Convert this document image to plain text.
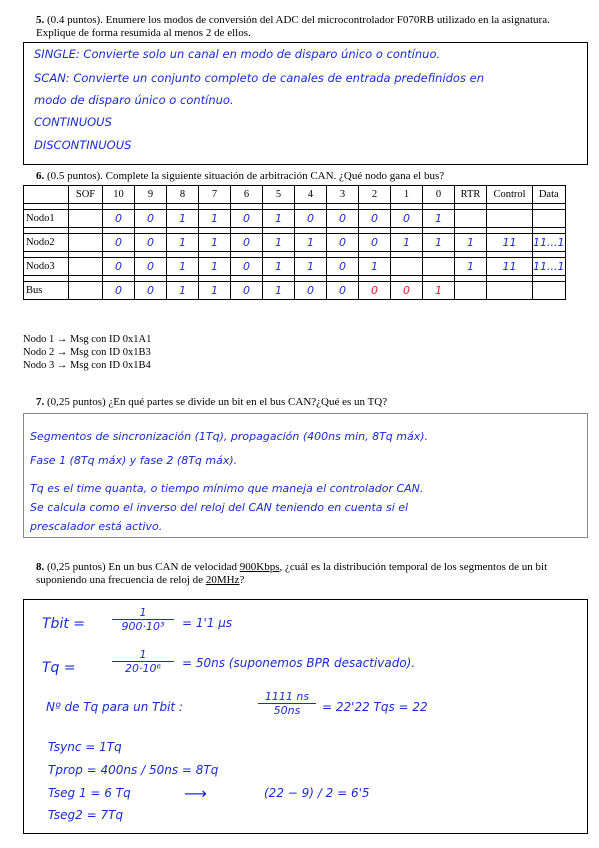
5. (0.4 puntos). Enumere los modos de conversión del ADC del microcontrolador F070RB utilizado en la asignatura. Explique de forma resumida al menos 2 de ellos.
SINGLE: Convierte solo un canal en modo de disparo único o contínuo.
SCAN: Convierte un conjunto completo de canales de entrada predefinidos en
modo de disparo único o contínuo.
CONTINUOUS
DISCONTINUOUS
6. (0.5 puntos). Complete la siguiente situación de arbitración CAN. ¿Qué nodo gana el bus?
	SOF	10	9	8	7	6	5	4	3	2	1	0	RTR	Control	Data

Nodo1		0	0	1	1	0	1	0	0	0	0	1			

Nodo2		0	0	1	1	0	1	1	0	0	1	1	1	11	11...1

Nodo3		0	0	1	1	0	1	1	0	1			1	11	11...1

Bus		0	0	1	1	0	1	0	0	0	0	1			
Nodo 1 → Msg con ID 0x1A1
Nodo 2 → Msg con ID 0x1B3
Nodo 3 → Msg con ID 0x1B4
7. (0,25 puntos) ¿En qué partes se divide un bit en el bus CAN?¿Qué es un TQ?
Segmentos de sincronización (1Tq), propagación (400ns min, 8Tq máx).
Fase 1 (8Tq máx) y fase 2 (8Tq máx).
Tq es el time quanta, o tiempo mínimo que maneja el controlador CAN.
Se calcula como el inverso del reloj del CAN teniendo en cuenta si el
prescalador está activo.
8. (0,25 puntos) En un bus CAN de velocidad 900Kbps, ¿cuál es la distribución temporal de los segmentos de un bit suponiendo una frecuencia de reloj de 20MHz?
Tbit = $\frac{1}{\text{900·10³}} = 1'1$ µs
Tq =	$\frac{1}{\text{20·10⁶}} = 50ns$ (suponemos BPR desactivado).
Nº de Tq para un Tbit :	$\frac{1111 ns}{50ns} = 22'22$ Tqs = 22
Tsync = 1Tq
Tprop = 400ns / 50ns = 8Tq
Tseg 1 = 6 Tq	⟶	(22 − 9) / 2 = 6'5
Tseg2 = 7Tq
